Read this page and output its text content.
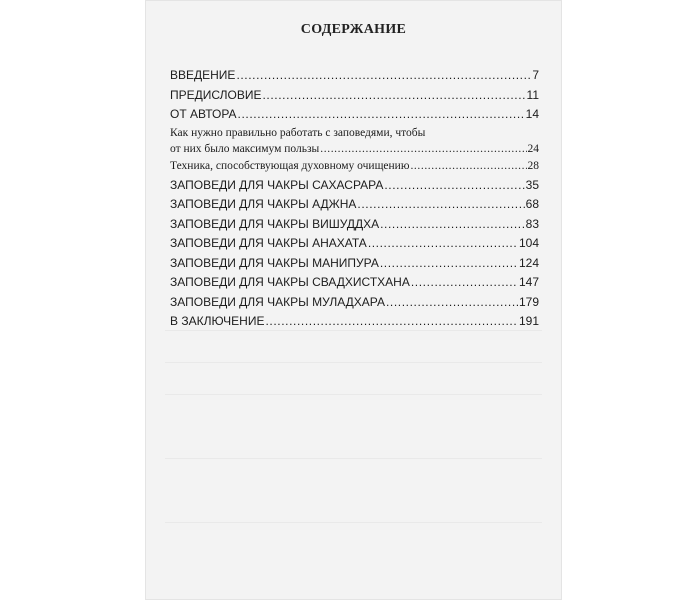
СОДЕРЖАНИЕ
ВВЕДЕНИЕ .....	7
ПРЕДИСЛОВИЕ .....	11
ОТ АВТОРА .....	14
Как нужно правильно работать с заповедями, чтобы
от них было максимум пользы .....	24
Техника, способствующая духовному очищению .....	28
ЗАПОВЕДИ ДЛЯ ЧАКРЫ САХАСРАРА .....	35
ЗАПОВЕДИ ДЛЯ ЧАКРЫ АДЖНА .....	68
ЗАПОВЕДИ ДЛЯ ЧАКРЫ ВИШУДДХА .....	83
ЗАПОВЕДИ ДЛЯ ЧАКРЫ АНАХАТА .....	104
ЗАПОВЕДИ ДЛЯ ЧАКРЫ МАНИПУРА .....	124
ЗАПОВЕДИ ДЛЯ ЧАКРЫ СВАДХИСТХАНА .....	147
ЗАПОВЕДИ ДЛЯ ЧАКРЫ МУЛАДХАРА .....	179
В ЗАКЛЮЧЕНИЕ .....	191
